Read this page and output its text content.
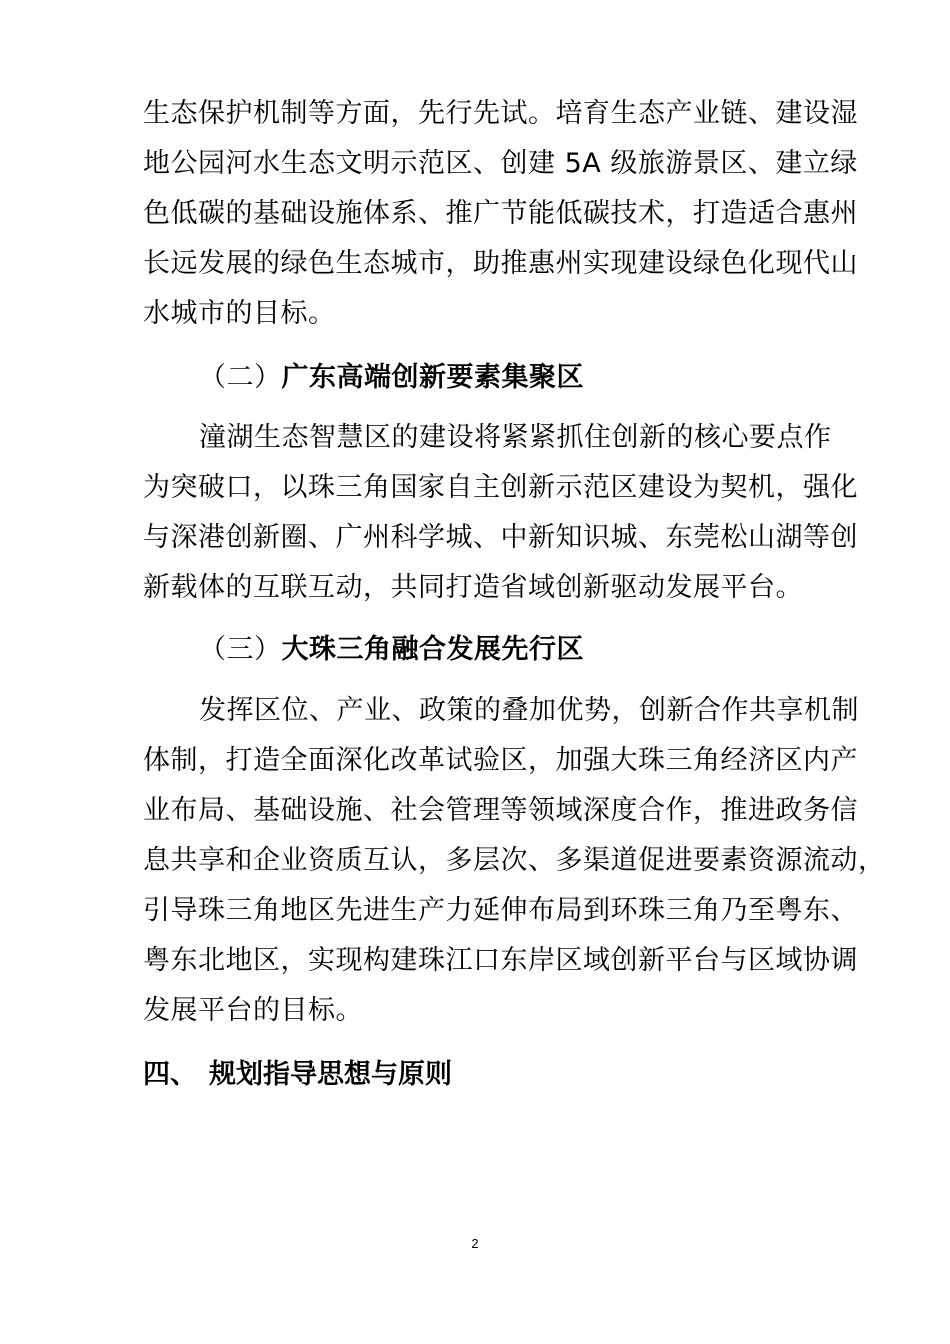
生态保护机制等方面，先行先试。培育生态产业链、建设湿
地公园河水生态文明示范区、创建 5A 级旅游景区、建立绿
色低碳的基础设施体系、推广节能低碳技术，打造适合惠州
长远发展的绿色生态城市，助推惠州实现建设绿色化现代山
水城市的目标。
（二）广东高端创新要素集聚区
潼湖生态智慧区的建设将紧紧抓住创新的核心要点作
为突破口，以珠三角国家自主创新示范区建设为契机，强化
与深港创新圈、广州科学城、中新知识城、东莞松山湖等创
新载体的互联互动，共同打造省域创新驱动发展平台。
（三）大珠三角融合发展先行区
发挥区位、产业、政策的叠加优势，创新合作共享机制
体制，打造全面深化改革试验区，加强大珠三角经济区内产
业布局、基础设施、社会管理等领域深度合作，推进政务信
息共享和企业资质互认，多层次、多渠道促进要素资源流动，
引导珠三角地区先进生产力延伸布局到环珠三角乃至粤东、
粤东北地区，实现构建珠江口东岸区域创新平台与区域协调
发展平台的目标。
四、 规划指导思想与原则
2
